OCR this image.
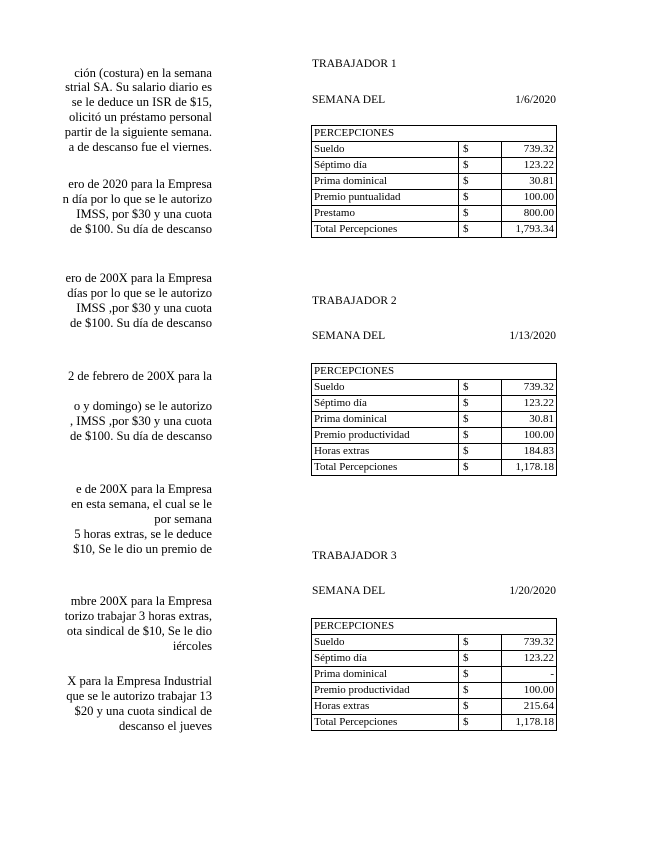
ción (costura) en la semana
strial SA. Su salario diario es
se le deduce un ISR de $15,
olicitó un préstamo personal
partir de la siguiente semana.
a de descanso fue el viernes.
ero de 2020 para la Empresa
n día por lo que se le autorizo
IMSS, por $30 y una cuota
de $100. Su día de descanso
ero de 200X para la Empresa
días por lo que se le autorizo
IMSS ,por $30 y una cuota
de $100. Su día de descanso
2 de febrero de 200X para la
o y domingo) se le autorizo
, IMSS ,por $30 y una cuota
de $100. Su día de descanso
e de 200X para la Empresa
en esta semana, el cual se le
por semana
5 horas extras, se le deduce
$10, Se le dio un premio de
mbre 200X para la Empresa
torizo trabajar 3 horas extras,
ota sindical de $10, Se le dio
iércoles
X para la Empresa Industrial
que se le autorizo trabajar 13
$20 y una cuota sindical de
descanso el jueves
TRABAJADOR 1
SEMANA DEL	1/6/2020
PERCEPCIONES		
Sueldo	$	739.32
Séptimo día	$	123.22
Prima dominical	$	30.81
Premio puntualidad	$	100.00
Prestamo	$	800.00
Total Percepciones	$	1,793.34
TRABAJADOR 2
SEMANA DEL	1/13/2020
PERCEPCIONES		
Sueldo	$	739.32
Séptimo día	$	123.22
Prima dominical	$	30.81
Premio productividad	$	100.00
Horas extras	$	184.83
Total Percepciones	$	1,178.18
TRABAJADOR 3
SEMANA DEL	1/20/2020
PERCEPCIONES		
Sueldo	$	739.32
Séptimo día	$	123.22
Prima dominical	$	-
Premio productividad	$	100.00
Horas extras	$	215.64
Total Percepciones	$	1,178.18
